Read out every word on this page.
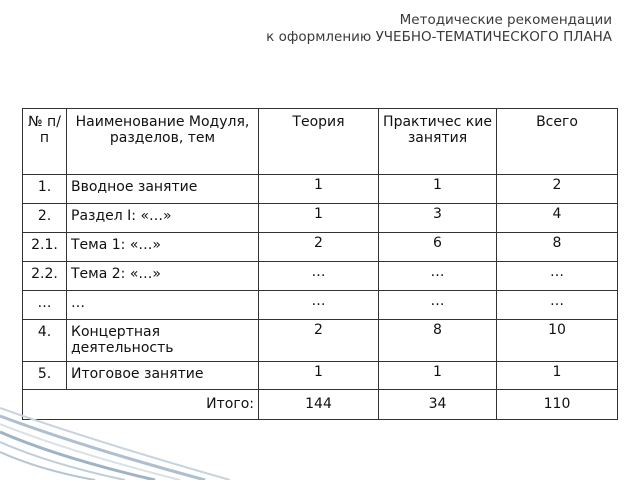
Методические рекомендации
к оформлению УЧЕБНО-ТЕМАТИЧЕСКОГО ПЛАНА
№ п/п	Наименование Модуля, разделов, тем	Теория	Практичес кие занятия	Всего
1.	Вводное занятие	1	1	2
2.	Раздел I: «…»	1	3	4
2.1.	Тема 1: «…»	2	6	8
2.2.	Тема 2: «…»	…	…	…
…	…	…	…	…
4.	Концертная деятельность	2	8	10
5.	Итоговое занятие	1	1	1
Итого:		144	34	110
